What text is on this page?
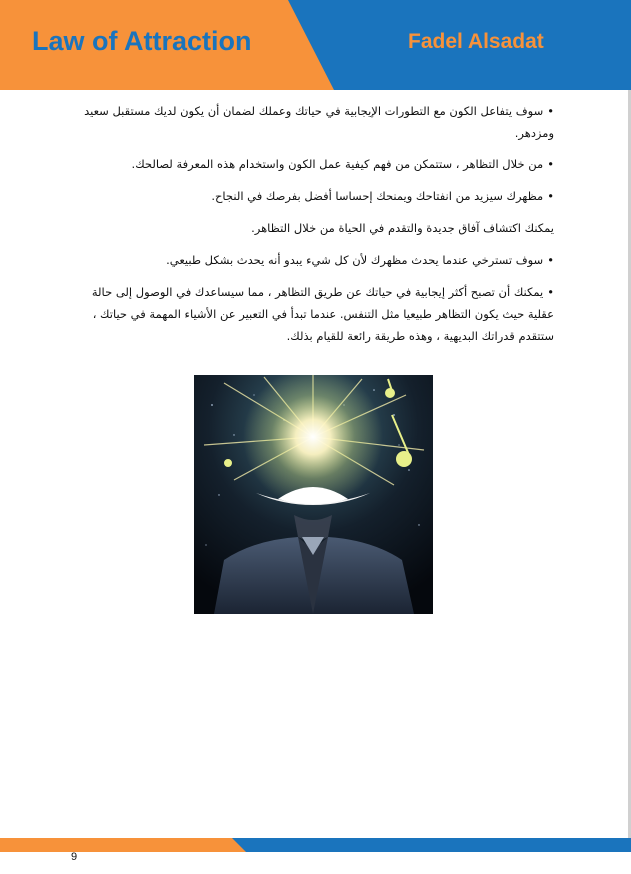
Law of Attraction	Fadel Alsadat

•سوف يتفاعل الكون مع التطورات الإيجابية في حياتك وعملك لضمان أن يكون لديك مستقبل سعيد ومزدهر.

•من خلال التظاهر ، ستتمكن من فهم كيفية عمل الكون واستخدام هذه المعرفة لصالحك.

•مظهرك سيزيد من انفتاحك ويمنحك إحساسا أفضل بفرصك في النجاح.

يمكنك اكتشاف آفاق جديدة والتقدم في الحياة من خلال التظاهر.

•سوف تسترخي عندما يحدث مظهرك لأن كل شيء يبدو أنه يحدث بشكل طبيعي.

•يمكنك أن تصبح أكثر إيجابية في حياتك عن طريق التظاهر ، مما سيساعدك في الوصول إلى حالة عقلية حيث يكون التظاهر طبيعيا مثل التنفس. عندما تبدأ في التعبير عن الأشياء المهمة في حياتك ، ستتقدم قدراتك البديهية ، وهذه طريقة رائعة للقيام بذلك.

9
